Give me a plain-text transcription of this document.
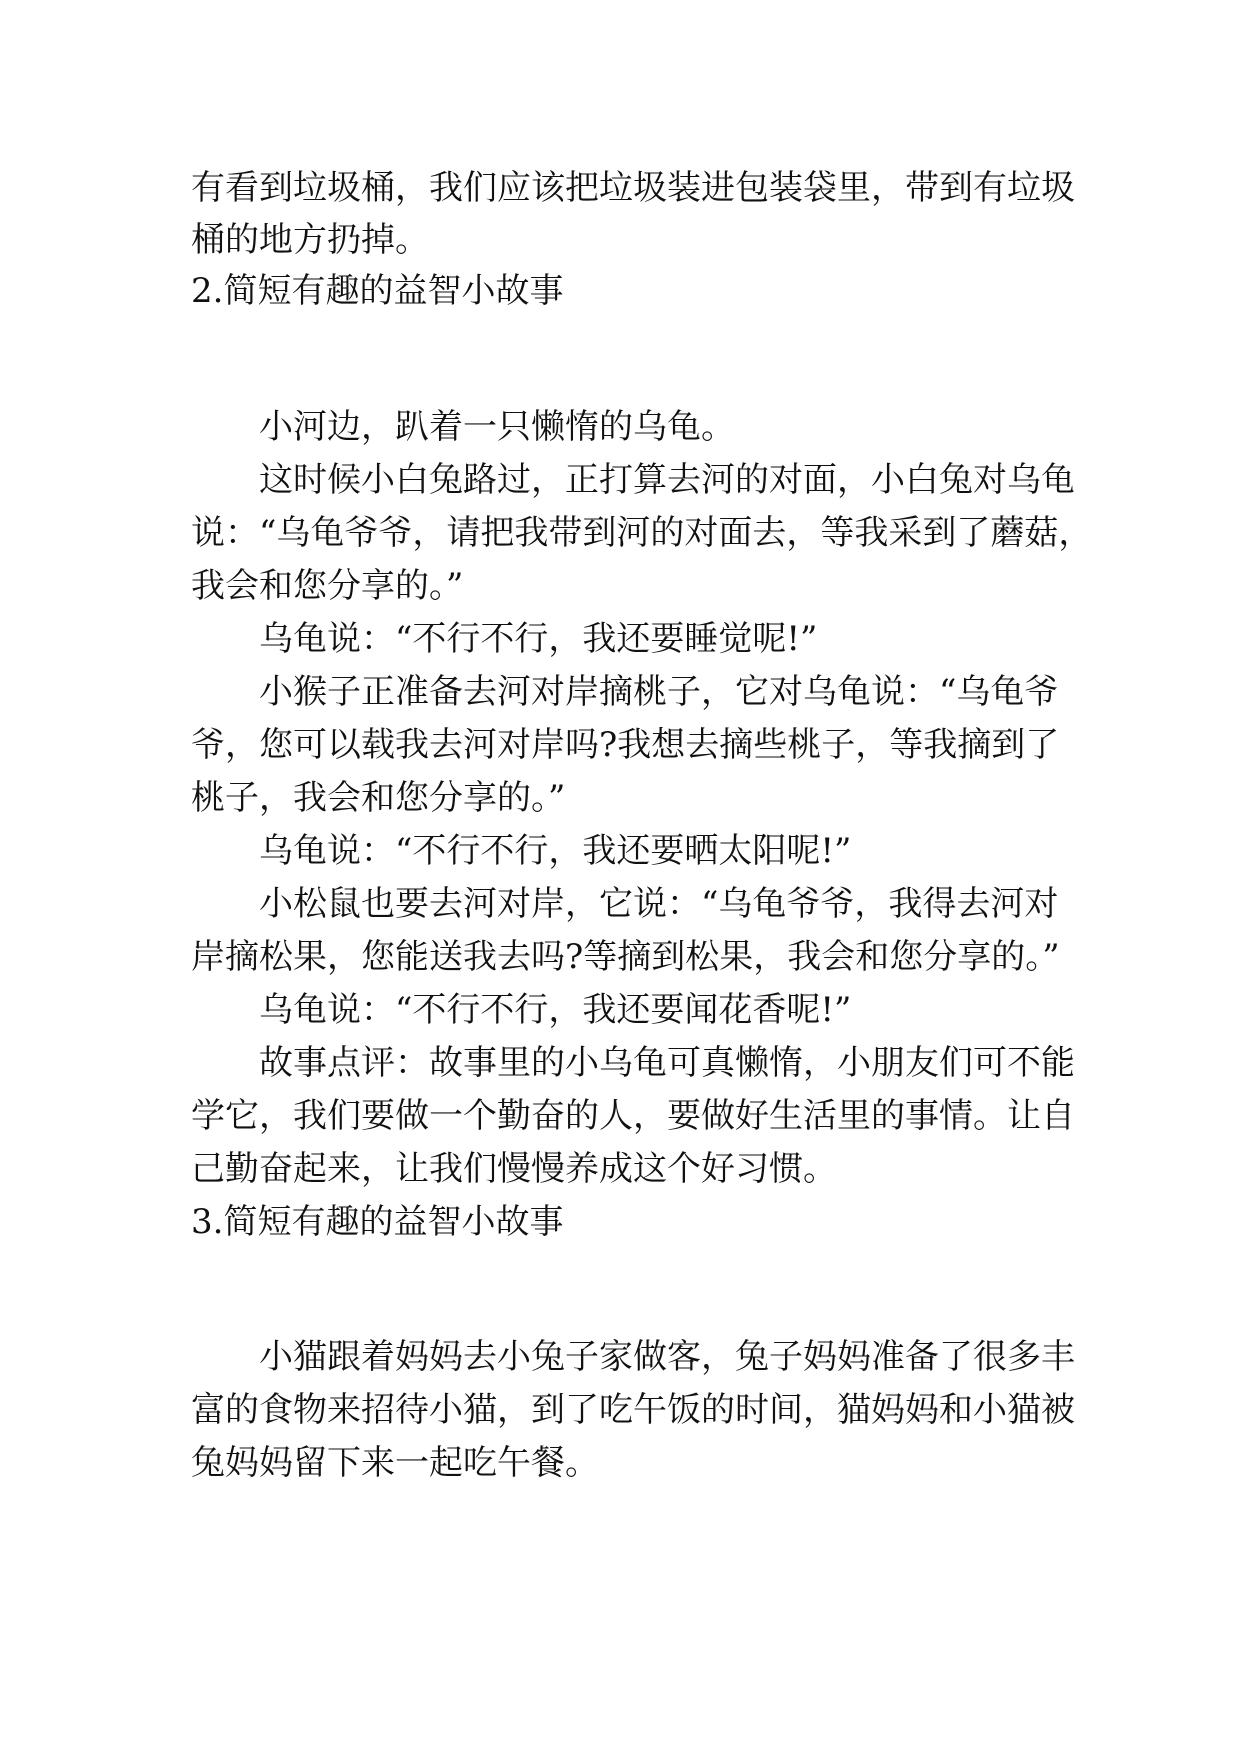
有看到垃圾桶，我们应该把垃圾装进包装袋里，带到有垃圾
桶的地方扔掉。
2.简短有趣的益智小故事
小河边，趴着一只懒惰的乌龟。
这时候小白兔路过，正打算去河的对面，小白兔对乌龟
说：“乌龟爷爷，请把我带到河的对面去，等我采到了蘑菇，
我会和您分享的。”
乌龟说：“不行不行，我还要睡觉呢!”
小猴子正准备去河对岸摘桃子，它对乌龟说：“乌龟爷
爷，您可以载我去河对岸吗?我想去摘些桃子，等我摘到了
桃子，我会和您分享的。”
乌龟说：“不行不行，我还要晒太阳呢!”
小松鼠也要去河对岸，它说：“乌龟爷爷，我得去河对
岸摘松果，您能送我去吗?等摘到松果，我会和您分享的。”
乌龟说：“不行不行，我还要闻花香呢!”
故事点评：故事里的小乌龟可真懒惰，小朋友们可不能
学它，我们要做一个勤奋的人，要做好生活里的事情。让自
己勤奋起来，让我们慢慢养成这个好习惯。
3.简短有趣的益智小故事
小猫跟着妈妈去小兔子家做客，兔子妈妈准备了很多丰
富的食物来招待小猫，到了吃午饭的时间，猫妈妈和小猫被
兔妈妈留下来一起吃午餐。
